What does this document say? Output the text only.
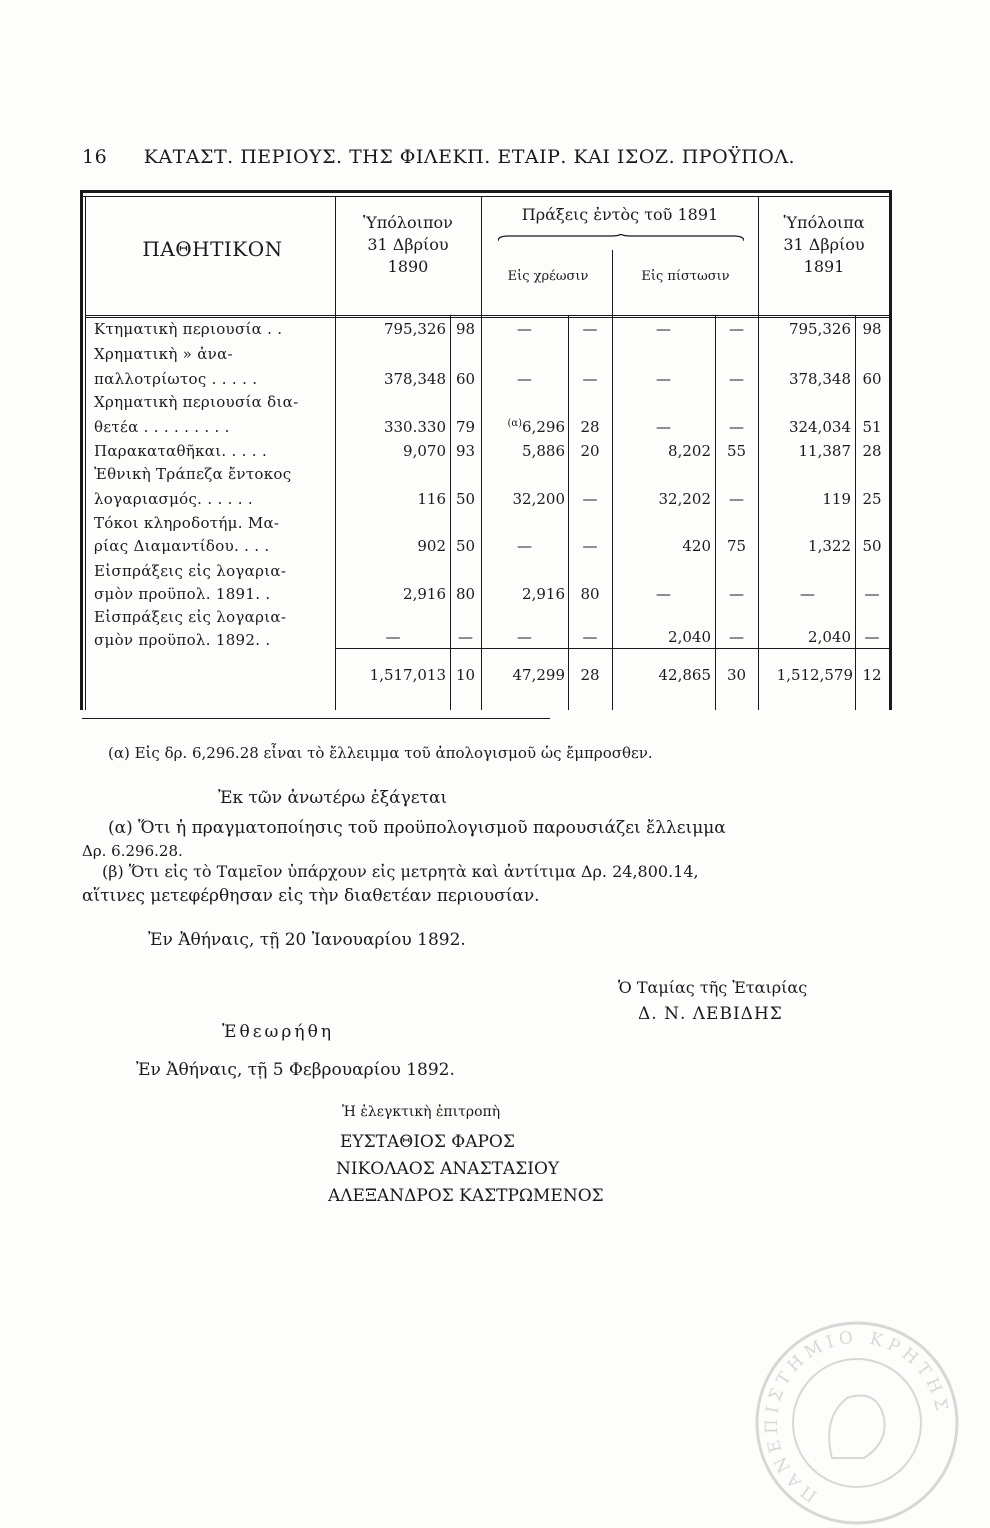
16 ΚΑΤΑΣΤ. ΠΕΡΙΟΥΣ. ΤΗΣ ΦΙΛΕΚΠ. ΕΤΑΙΡ. ΚΑΙ ΙΣΟΖ. ΠΡΟΫΠΟΛ.
ΠΑΘΗΤΙΚΟΝ
Ὑπόλοιπον
31 Δβρίου
1890
Πράξεις ἐντὸς τοῦ 1891
Εἰς χρέωσιν	Εἰς πίστωσιν
Ὑπόλοιπα
31 Δβρίου
1891
Κτηματικὴ περιουσία . .	795,326 98	—	—	—	—	795,326 98
Χρηματικὴ » ἀνα-
παλλοτρίωτος . . . . .	378,348 60	—	—	—	—	378,348 60
Χρηματικὴ περιουσία δια-
θετέα . . . . . . . . .	330.330 79	$^{(\alpha)}$6,296	28	—	—	324,034 51
Παρακαταθῆκαι. . . . .	9,070 93	5,886	20	8,202	55	11,387 28
Ἐθνικὴ Τράπεζα ἔντοκος
λογαριασμός. . . . . .	116 50	32,200	—	32,202	—	119 25
Τόκοι κληροδοτήμ. Μα-
ρίας Διαμαντίδου. . . .	902 50	—	—	420	75	1,322 50
Εἰσπράξεις εἰς λογαρια-
σμὸν προϋπολ. 1891. .	2,916 80	2,916	80	—	—	—	—
Εἰσπράξεις εἰς λογαρια-
σμὸν προϋπολ. 1892. .	—	—	—	—	2,040	—	2,040 —
1,517,013 10	47,299	28	42,865	30	1,512,579 12
(α) Εἰς δρ. 6,296.28 εἶναι τὸ ἔλλειμμα τοῦ ἀπολογισμοῦ ὡς ἔμπροσθεν.
Ἐκ τῶν ἀνωτέρω ἐξάγεται
(α) Ὅτι ἡ πραγματοποίησις τοῦ προϋπολογισμοῦ παρουσιάζει ἔλλειμμα
Δρ. 6.296.28.
(β) Ὅτι εἰς τὸ Ταμεῖον ὑπάρχουν εἰς μετρητὰ καὶ ἀντίτιμα Δρ. 24,800.14,
αἵτινες μετεφέρθησαν εἰς τὴν διαθετέαν περιουσίαν.
Ἐν Ἀθήναις, τῇ 20 Ἰανουαρίου 1892.
Ὁ Ταμίας τῆς Ἑταιρίας
Δ. Ν. ΛΕΒΙΔΗΣ
Ἐθεωρήθη
Ἐν Ἀθήναις, τῇ 5 Φεβρουαρίου 1892.
Ἡ ἐλεγκτικὴ ἐπιτροπὴ
ΕΥΣΤΑΘΙΟΣ ΦΑΡΟΣ
ΝΙΚΟΛΑΟΣ ΑΝΑΣΤΑΣΙΟΥ
ΑΛΕΞΑΝΔΡΟΣ ΚΑΣΤΡΩΜΕΝΟΣ
ΠΑΝΕΠΙΣΤΗΜΙΟ ΚΡΗΤΗΣ
